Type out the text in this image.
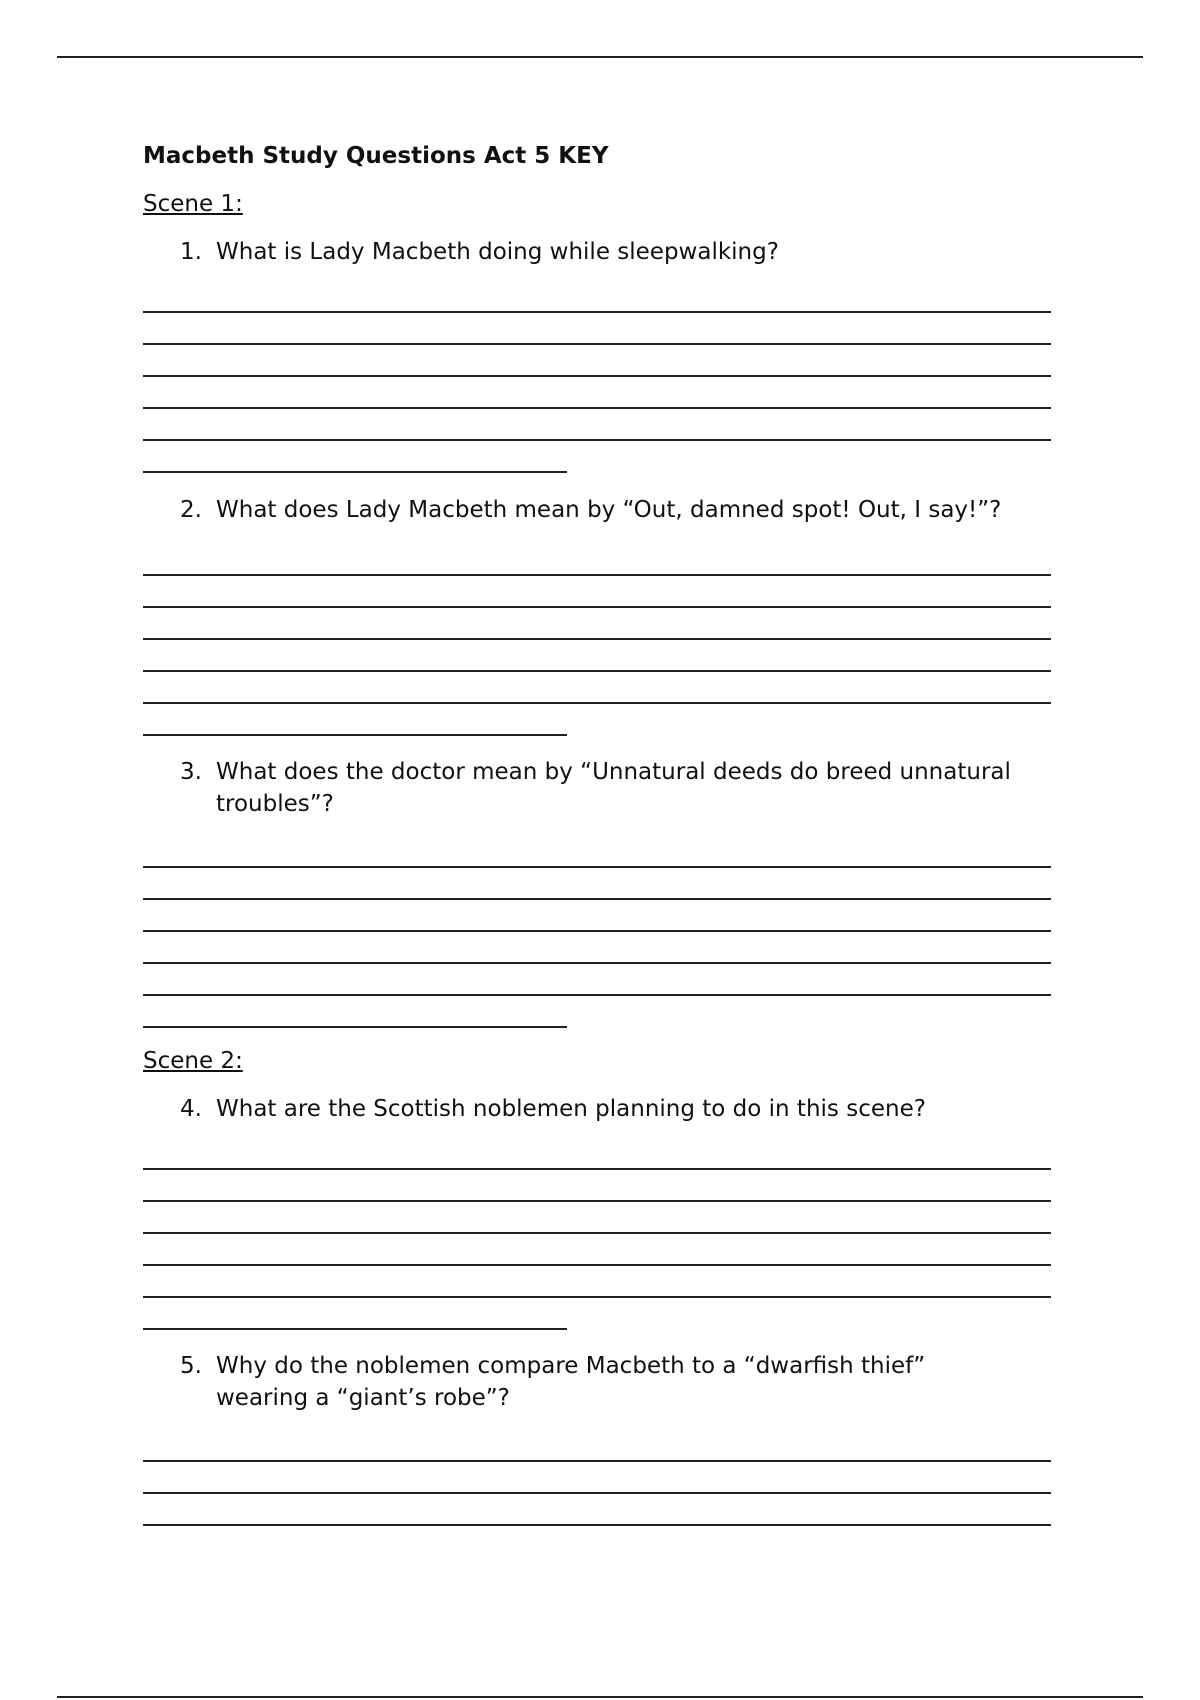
Macbeth Study Questions Act 5 KEY
Scene 1:
1. What is Lady Macbeth doing while sleepwalking?
2. What does Lady Macbeth mean by “Out, damned spot! Out, I say!”?
3. What does the doctor mean by “Unnatural deeds do breed unnatural troubles”?
Scene 2:
4. What are the Scottish noblemen planning to do in this scene?
5. Why do the noblemen compare Macbeth to a “dwarfish thief” wearing a “giant’s robe”?
